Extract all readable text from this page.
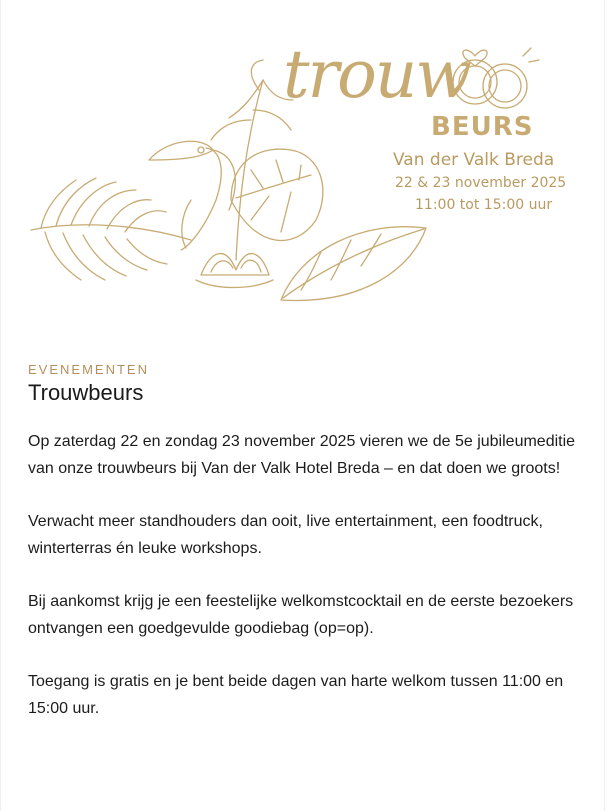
trouw
BEURS
Van der Valk Breda
22 & 23 november 2025
11:00 tot 15:00 uur
EVENEMENTEN
Trouwbeurs

Op zaterdag 22 en zondag 23 november 2025 vieren we de 5e jubileumeditie van onze trouwbeurs bij Van der Valk Hotel Breda – en dat doen we groots!

Verwacht meer standhouders dan ooit, live entertainment, een foodtruck, winterterras én leuke workshops.

Bij aankomst krijg je een feestelijke welkomstcocktail en de eerste bezoekers ontvangen een goedgevulde goodiebag (op=op).

Toegang is gratis en je bent beide dagen van harte welkom tussen 11:00 en 15:00 uur.
